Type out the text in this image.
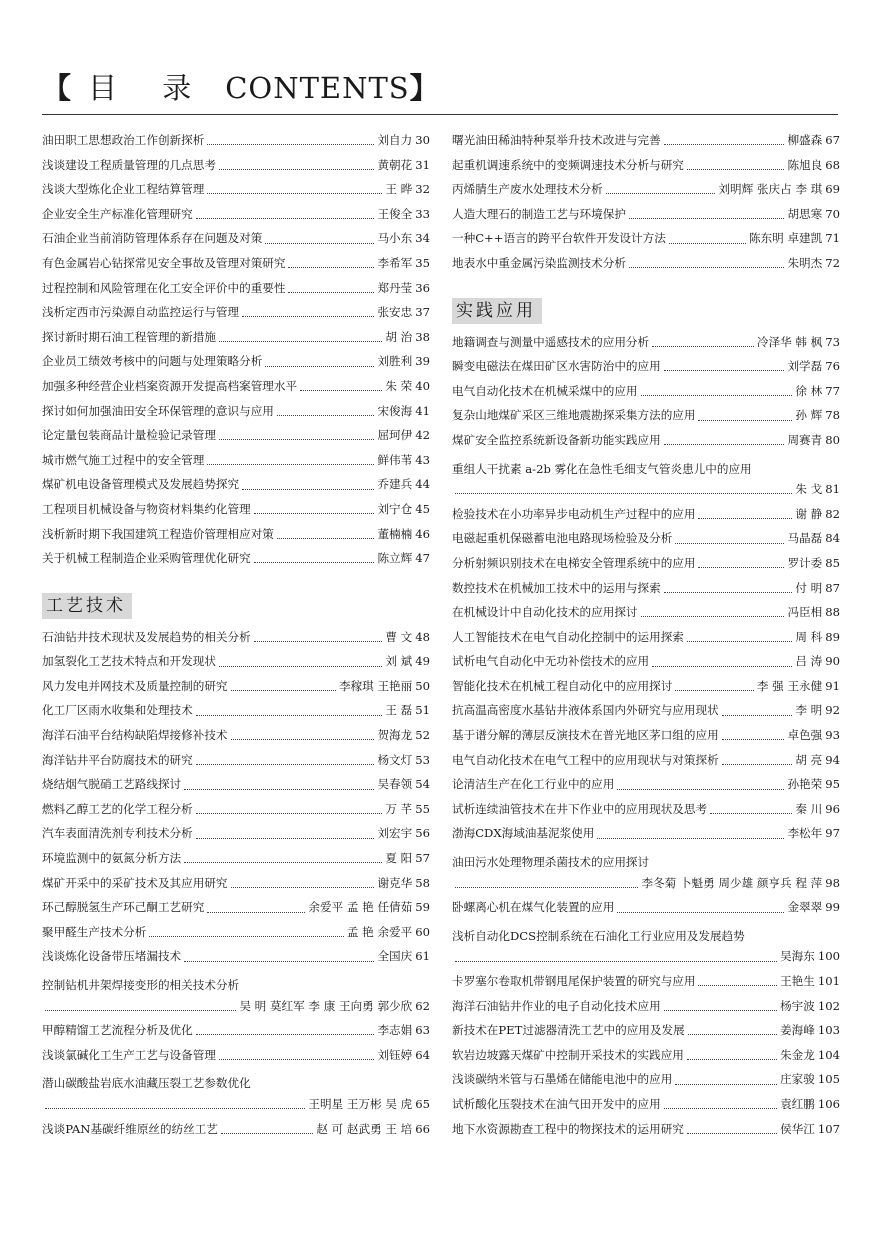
【 目 录 CONTENTS】
油田职工思想政治工作创新探析	刘自力 30
浅谈建设工程质量管理的几点思考	黄朝花 31
浅谈大型炼化企业工程结算管理	王 晔 32
企业安全生产标准化管理研究	王俊全 33
石油企业当前消防管理体系存在问题及对策	马小东 34
有色金属岩心钻探常见安全事故及管理对策研究	李希军 35
过程控制和风险管理在化工安全评价中的重要性	郑丹莹 36
浅析定西市污染源自动监控运行与管理	张安忠 37
探讨新时期石油工程管理的新措施	胡 治 38
企业员工绩效考核中的问题与处理策略分析	刘胜利 39
加强多种经营企业档案资源开发提高档案管理水平	朱 荣 40
探讨如何加强油田安全环保管理的意识与应用	宋俊海 41
论定量包装商品计量检验记录管理	屈珂伊 42
城市燃气施工过程中的安全管理	鲜伟苇 43
煤矿机电设备管理模式及发展趋势探究	乔建兵 44
工程项目机械设备与物资材料集约化管理	刘宁仓 45
浅析新时期下我国建筑工程造价管理相应对策	董楠楠 46
关于机械工程制造企业采购管理优化研究	陈立辉 47
工艺技术
石油钻井技术现状及发展趋势的相关分析	曹 文 48
加氢裂化工艺技术特点和开发现状	刘 斌 49
风力发电并网技术及质量控制的研究	李稼琪 王艳丽 50
化工厂区雨水收集和处理技术	王 磊 51
海洋石油平台结构缺陷焊接修补技术	贺海龙 52
海洋钻井平台防腐技术的研究	杨文灯 53
烧结烟气脱硝工艺路线探讨	吴春领 54
燃料乙醇工艺的化学工程分析	万 芊 55
汽车表面清洗剂专利技术分析	刘宏宇 56
环境监测中的氨氮分析方法	夏 阳 57
煤矿开采中的采矿技术及其应用研究	谢克华 58
环己醇脱氢生产环己酮工艺研究	余爱平 孟 艳 任倩茹 59
聚甲醛生产技术分析	孟 艳 余爱平 60
浅谈炼化设备带压堵漏技术	全国庆 61
控制钻机井架焊接变形的相关技术分析
吴 明 莫红军 李 康 王向勇 郭少欣 62
甲醇精馏工艺流程分析及优化	李志娟 63
浅谈氯碱化工生产工艺与设备管理	刘钰婷 64
潜山碳酸盐岩底水油藏压裂工艺参数优化
王明星 王万彬 吴 虎 65
浅谈PAN基碳纤维原丝的纺丝工艺	赵 可 赵武勇 王 培 66
曙光油田稀油特种泵举升技术改进与完善	柳盛森 67
起重机调速系统中的变频调速技术分析与研究	陈旭良 68
丙烯腈生产废水处理技术分析	刘明辉 张庆占 李 琪 69
人造大理石的制造工艺与环境保护	胡思寒 70
一种C++语言的跨平台软件开发设计方法	陈东明 卓建凯 71
地表水中重金属污染监测技术分析	朱明杰 72
实践应用
地籍调查与测量中遥感技术的应用分析	冷泽华 韩 枫 73
瞬变电磁法在煤田矿区水害防治中的应用	刘学磊 76
电气自动化技术在机械采煤中的应用	徐 林 77
复杂山地煤矿采区三维地震勘探采集方法的应用	孙 辉 78
煤矿安全监控系统新设备新功能实践应用	周赛青 80
重组人干扰素 a-2b 雾化在急性毛细支气管炎患儿中的应用
朱 戈 81
检验技术在小功率异步电动机生产过程中的应用	谢 静 82
电磁起重机保磁蓄电池电路现场检验及分析	马晶磊 84
分析射频识别技术在电梯安全管理系统中的应用	罗计委 85
数控技术在机械加工技术中的运用与探索	付 明 87
在机械设计中自动化技术的应用探讨	冯臣相 88
人工智能技术在电气自动化控制中的运用探索	周 科 89
试析电气自动化中无功补偿技术的应用	吕 涛 90
智能化技术在机械工程自动化中的应用探讨	李 强 王永健 91
抗高温高密度水基钻井液体系国内外研究与应用现状	李 明 92
基于谱分解的薄层反演技术在普光地区茅口组的应用	卓色强 93
电气自动化技术在电气工程中的应用现状与对策探析	胡 亮 94
论清洁生产在化工行业中的应用	孙艳荣 95
试析连续油管技术在井下作业中的应用现状及思考	秦 川 96
渤海CDX海域油基泥浆使用	李松年 97
油田污水处理物理杀菌技术的应用探讨
李冬菊 卜魁勇 周少雄 颜亨兵 程 萍 98
卧螺离心机在煤气化装置的应用	金翠翠 99
浅析自动化DCS控制系统在石油化工行业应用及发展趋势
吴海东 100
卡罗塞尔卷取机带钢甩尾保护装置的研究与应用	王艳生 101
海洋石油钻井作业的电子自动化技术应用	杨宇波 102
新技术在PET过滤器清洗工艺中的应用及发展	姜海峰 103
软岩边坡露天煤矿中控制开采技术的实践应用	朱金龙 104
浅谈碳纳米管与石墨烯在储能电池中的应用	庄家骏 105
试析酸化压裂技术在油气田开发中的应用	袁红鹏 106
地下水资源勘查工程中的物探技术的运用研究	侯华江 107
